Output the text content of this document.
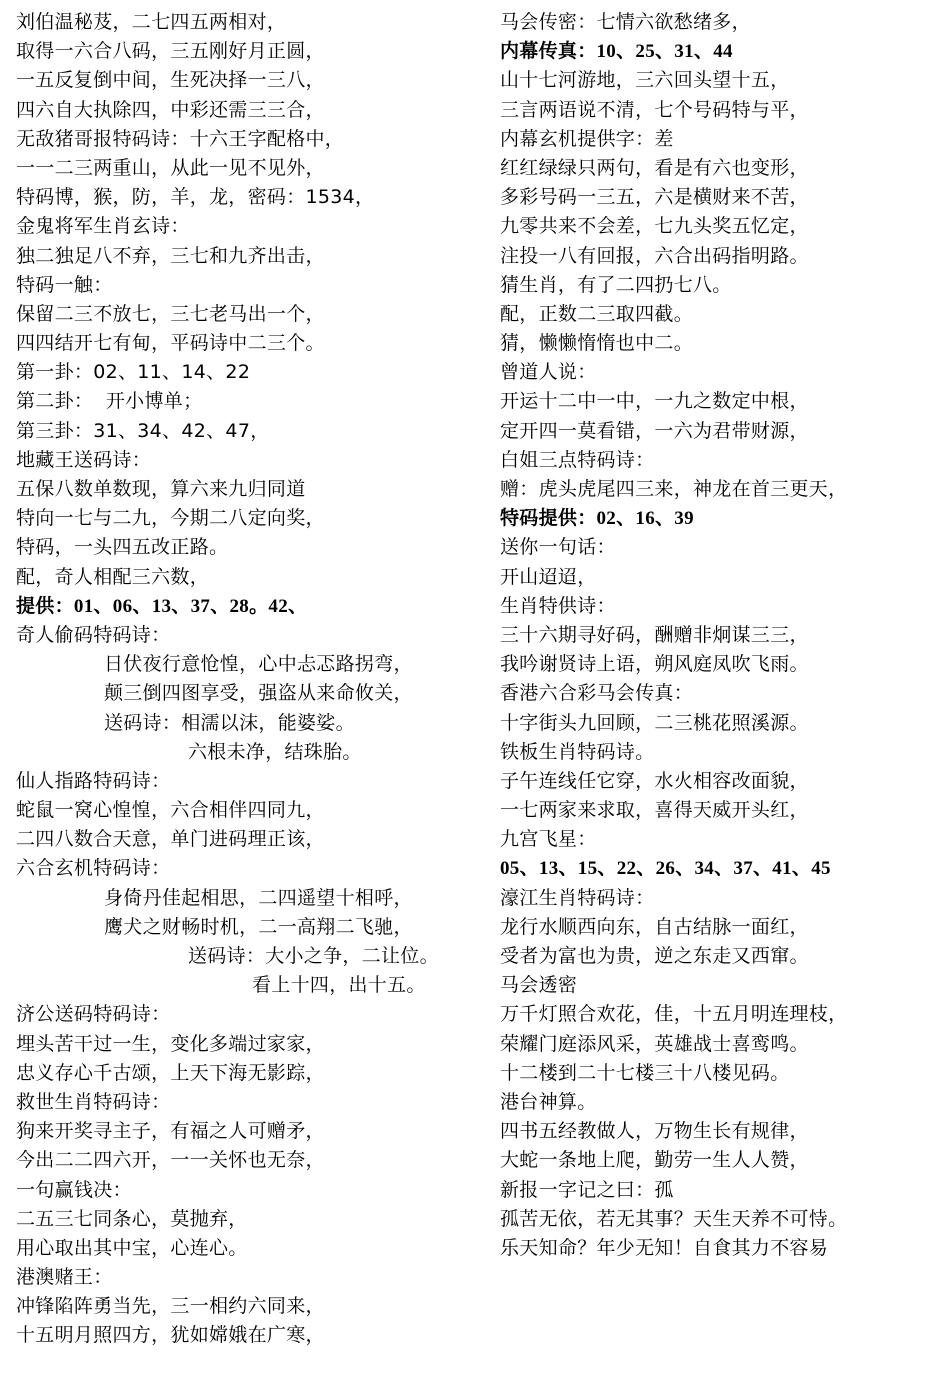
刘伯温秘芨，二七四五两相对，
取得一六合八码，三五刚好月正圆，
一五反复倒中间，生死决择一三八，
四六自大执除四，中彩还需三三合，
无敌猪哥报特码诗：十六王字配格中，
一一二三两重山，从此一见不见外，
特码博，猴，防，羊，龙，密码：1534，
金鬼将军生肖玄诗：
独二独足八不弃，三七和九齐出击，
特码一触：
保留二三不放七，三七老马出一个，
四四结开七有甸，平码诗中二三个。
第一卦：02、11、14、22
第二卦：  开小博单；
第三卦：31、34、42、47，
地藏王送码诗：
五保八数单数现，算六来九归同道
特向一七与二九，今期二八定向奖，
特码，一头四五改正路。
配，奇人相配三六数，
提供：01、06、13、37、28。42、
奇人偷码特码诗：
日伏夜行意怆惶，心中忐忑路拐弯，
颠三倒四图享受，强盗从来命攸关，
送码诗：相濡以沫，能婆娑。
六根未净，结珠胎。
仙人指路特码诗：
蛇鼠一窝心惶惶，六合相伴四同九，
二四八数合天意，单门进码理正该，
六合玄机特码诗：
身倚丹佳起相思，二四遥望十相呼，
鹰犬之财畅时机，二一高翔二飞驰，
送码诗：大小之争，二让位。
看上十四，出十五。
济公送码特码诗：
埋头苦干过一生，变化多端过家家，
忠义存心千古颂，上天下海无影踪，
救世生肖特码诗：
狗来开奖寻主子，有福之人可赠矛，
今出二二四六开，一一关怀也无奈，
一句赢钱决：
二五三七同条心，莫抛弃，
用心取出其中宝，心连心。
港澳赌王：
冲锋陷阵勇当先，三一相约六同来，
十五明月照四方，犹如嫦娥在广寒，
马会传密：七情六欲愁绪多，
内幕传真：10、25、31、44
山十七河游地，三六回头望十五，
三言两语说不清，七个号码特与平，
内幕玄机提供字：差
红红绿绿只两句，看是有六也变形，
多彩号码一三五，六是横财来不苦，
九零共来不会差，七九头奖五忆定，
注投一八有回报，六合出码指明路。
猜生肖，有了二四扔七八。
配，正数二三取四截。
猜，懒懒惰惰也中二。
曾道人说：
开运十二中一中，一九之数定中根，
定开四一莫看错，一六为君带财源，
白姐三点特码诗：
赠：虎头虎尾四三来，神龙在首三更天，
特码提供：02、16、39
送你一句话：
开山迢迢，
生肖特供诗：
三十六期寻好码，酬赠非炯谋三三，
我吟谢贤诗上语，朔风庭凤吹飞雨。
香港六合彩马会传真：
十字街头九回顾，二三桃花照溪源。
铁板生肖特码诗。
子午连线任它穿，水火相容改面貌，
一七两家来求取，喜得天威开头红，
九宫飞星：
05、13、15、22、26、34、37、41、45
濠江生肖特码诗：
龙行水顺西向东，自古结脉一面红，
受者为富也为贵，逆之东走又西窜。
马会透密
万千灯照合欢花，佳，十五月明连理枝，
荣耀门庭添风采，英雄战士喜鸾鸣。
十二楼到二十七楼三十八楼见码。
港台神算。
四书五经教做人，万物生长有规律，
大蛇一条地上爬，勤劳一生人人赞，
新报一字记之曰：孤
孤苦无依，若无其事？天生天养不可恃。
乐天知命？年少无知！自食其力不容易
